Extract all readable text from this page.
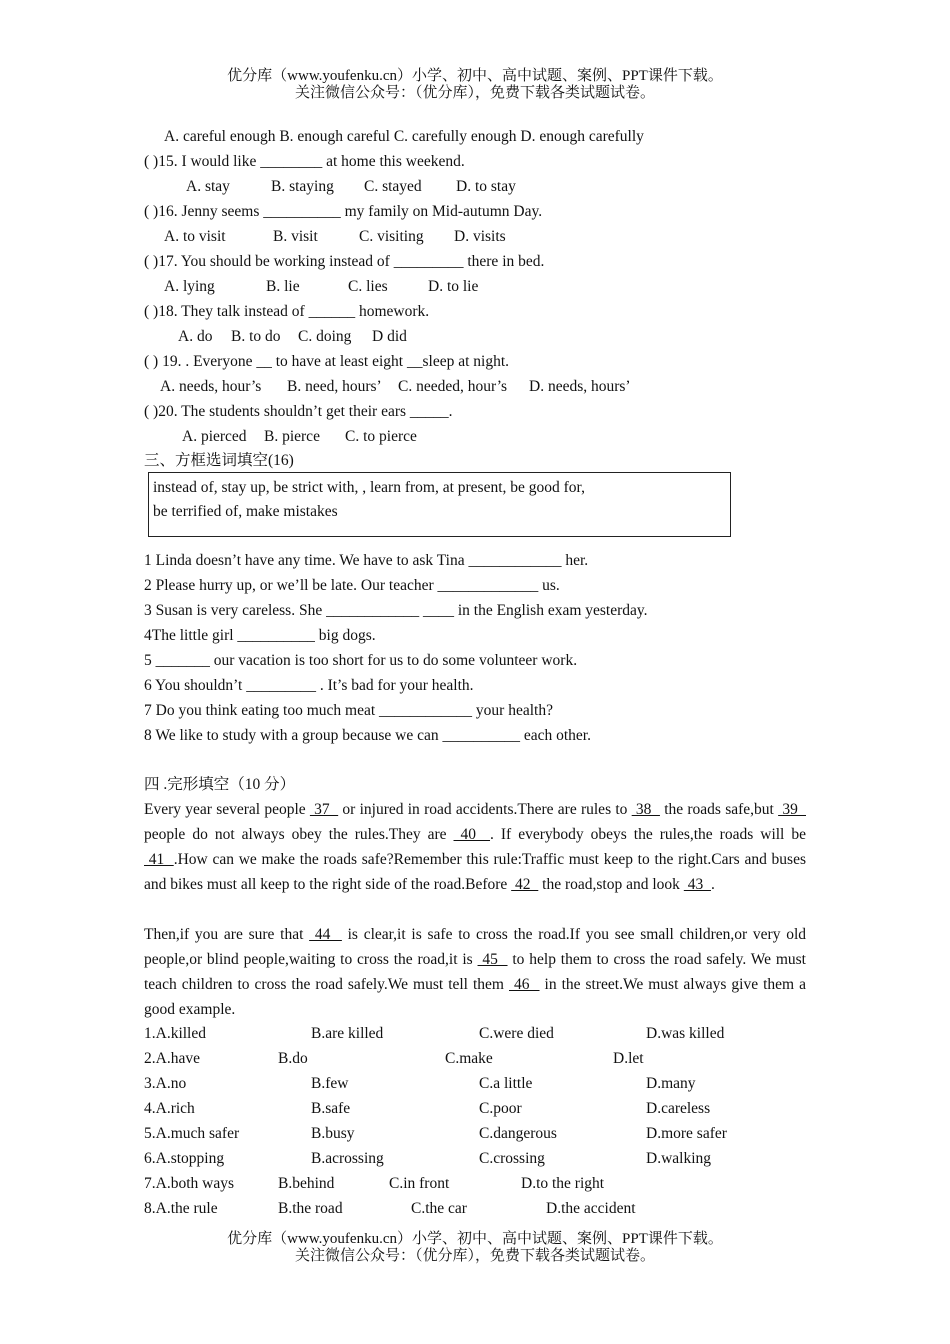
优分库（www.youfenku.cn）小学、初中、高中试题、案例、PPT课件下载。
关注微信公众号：（优分库），免费下载各类试题试卷。
A. careful enough B. enough careful C. carefully enough D. enough carefully
( )15. I would like ________ at home this weekend.
A. stay	B. staying C. stayed D. to stay
( )16. Jenny seems __________ my family on Mid-autumn Day.
A. to visit	B. visit	C. visiting D. visits
( )17. You should be working instead of _________ there in bed.
A. lying	B. lie	C. lies	D. to lie
( )18. They talk instead of ______ homework.
A. do B. to do C. doing D did
( ) 19. . Everyone __ to have at least eight __sleep at night.
A. needs, hour’s B. need, hours’ C. needed, hour’s D. needs, hours’
( )20. The students shouldn’t get their ears _____.
A. pierced B. pierce C. to pierce
三、方框选词填空(16)
instead of, stay up, be strict with, , learn from, at present, be good for,
be terrified of, make mistakes
1 Linda doesn’t have any time. We have to ask Tina ____________ her.
2 Please hurry up, or we’ll be late. Our teacher _____________ us.
3 Susan is very careless. She ____________ ____ in the English exam yesterday.
4The little girl __________ big dogs.
5 _______ our vacation is too short for us to do some volunteer work.
6 You shouldn’t _________ . It’s bad for your health.
7 Do you think eating too much meat ____________ your health?
8 We like to study with a group because we can __________ each other.
四 .完形填空（10 分）
Every year several people  37   or injured in road accidents.There are rules to  38   the roads safe,but  39   people do not always obey the rules.They are  40  . If everybody obeys the rules,the roads will be  41  .How can we make the roads safe?Remember this rule:Traffic must keep to the right.Cars and buses and bikes must all keep to the right side of the road.Before  42   the road,stop and look  43  .
Then,if you are sure that  44   is clear,it is safe to cross the road.If you see small children,or very old people,or blind people,waiting to cross the road,it is  45   to help them to cross the road safely. We must teach children to cross the road safely.We must tell them  46   in the street.We must always give them a good example.
1.A.killed	B.are killed	C.were died	D.was killed
2.A.have	B.do	C.make	D.let
3.A.no	B.few	C.a little	D.many
4.A.rich	B.safe	C.poor	D.careless
5.A.much safer	B.busy	C.dangerous	D.more safer
6.A.stopping	B.acrossing	C.crossing	D.walking
7.A.both ways	B.behind	C.in front	D.to the right
8.A.the rule	B.the road	C.the car	D.the accident
优分库（www.youfenku.cn）小学、初中、高中试题、案例、PPT课件下载。
关注微信公众号：（优分库），免费下载各类试题试卷。
